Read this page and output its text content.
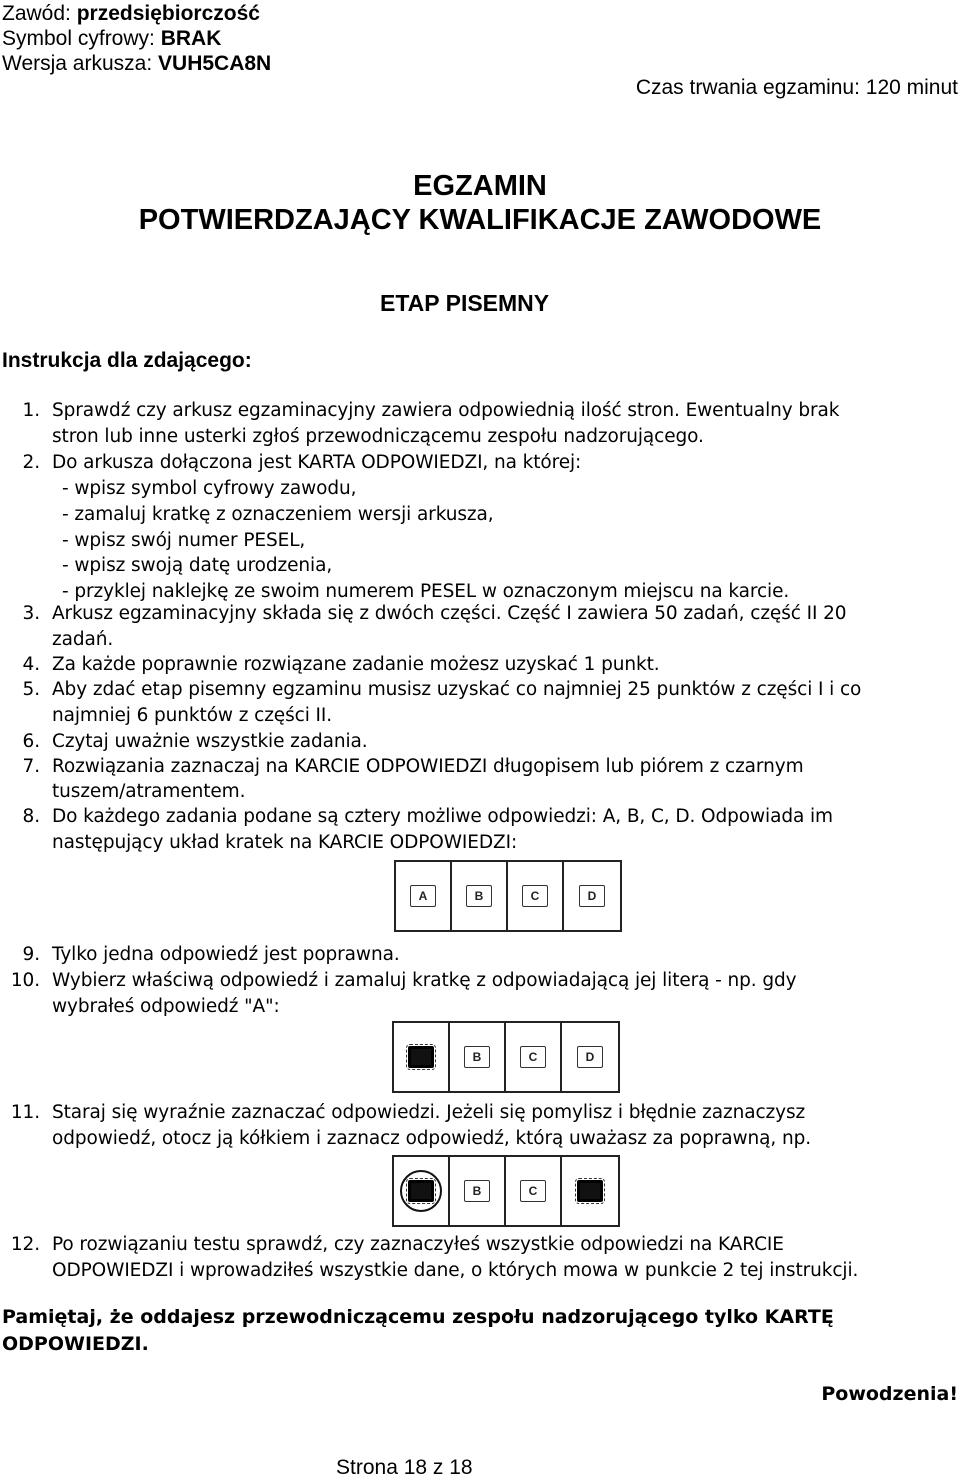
Zawód: przedsiębiorczość
Symbol cyfrowy: BRAK
Wersja arkusza: VUH5CA8N
Czas trwania egzaminu: 120 minut
EGZAMIN
POTWIERDZAJĄCY KWALIFIKACJE ZAWODOWE
ETAP PISEMNY
Instrukcja dla zdającego:
1. Sprawdź czy arkusz egzaminacyjny zawiera odpowiednią ilość stron. Ewentualny brak
stron lub inne usterki zgłoś przewodniczącemu zespołu nadzorującego.
2. Do arkusza dołączona jest KARTA ODPOWIEDZI, na której:
- wpisz symbol cyfrowy zawodu,
- zamaluj kratkę z oznaczeniem wersji arkusza,
- wpisz swój numer PESEL,
- wpisz swoją datę urodzenia,
- przyklej naklejkę ze swoim numerem PESEL w oznaczonym miejscu na karcie.
3. Arkusz egzaminacyjny składa się z dwóch części. Część I zawiera 50 zadań, część II 20
zadań.
4. Za każde poprawnie rozwiązane zadanie możesz uzyskać 1 punkt.
5. Aby zdać etap pisemny egzaminu musisz uzyskać co najmniej 25 punktów z części I i co
najmniej 6 punktów z części II.
6. Czytaj uważnie wszystkie zadania.
7. Rozwiązania zaznaczaj na KARCIE ODPOWIEDZI długopisem lub piórem z czarnym
tuszem/atramentem.
8. Do każdego zadania podane są cztery możliwe odpowiedzi: A, B, C, D. Odpowiada im
następujący układ kratek na KARCIE ODPOWIEDZI:
9. Tylko jedna odpowiedź jest poprawna.
10. Wybierz właściwą odpowiedź i zamaluj kratkę z odpowiadającą jej literą - np. gdy
wybrałeś odpowiedź "A":
11. Staraj się wyraźnie zaznaczać odpowiedzi. Jeżeli się pomylisz i błędnie zaznaczysz
odpowiedź, otocz ją kółkiem i zaznacz odpowiedź, którą uważasz za poprawną, np.
12. Po rozwiązaniu testu sprawdź, czy zaznaczyłeś wszystkie odpowiedzi na KARCIE
ODPOWIEDZI i wprowadziłeś wszystkie dane, o których mowa w punkcie 2 tej instrukcji.
A	B	C	D
B	C	D
B	C
Pamiętaj, że oddajesz przewodniczącemu zespołu nadzorującego tylko KARTĘ
ODPOWIEDZI.
Powodzenia!
Strona 18 z 18
